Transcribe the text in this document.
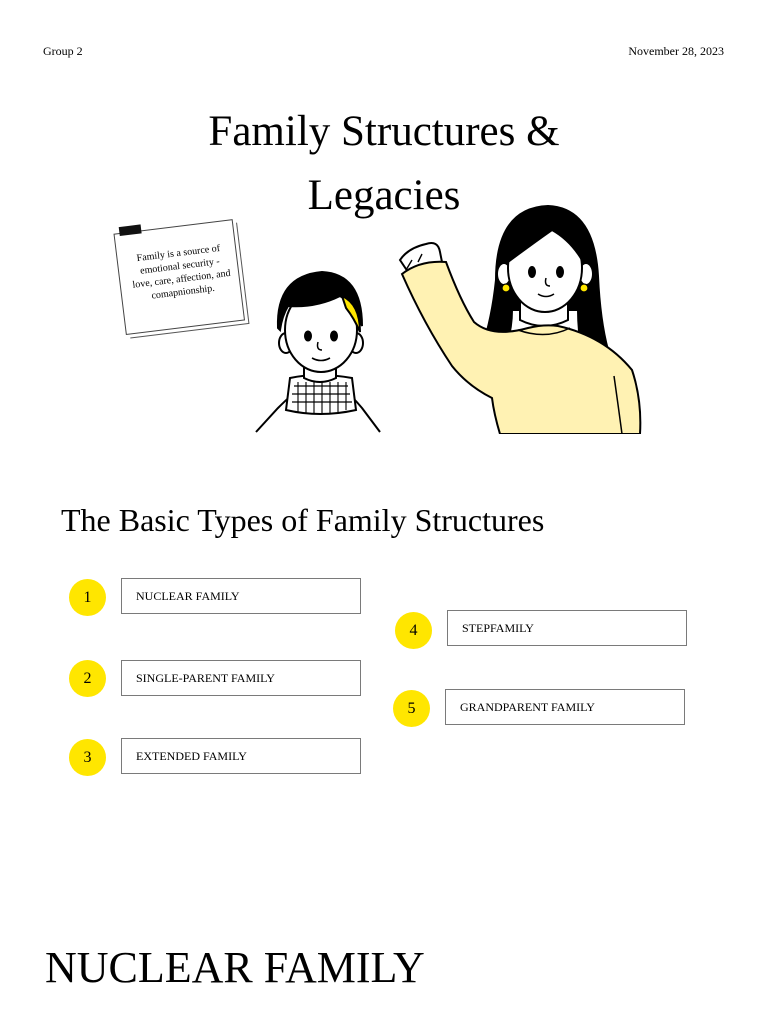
Group 2	November 28, 2023
Family Structures &
Legacies
Family is a source of emotional security - love, care, affection, and comapnionship.
The Basic Types of Family Structures
1	NUCLEAR FAMILY
2	SINGLE-PARENT FAMILY
3	EXTENDED FAMILY
4	STEPFAMILY
5	GRANDPARENT FAMILY
NUCLEAR FAMILY
